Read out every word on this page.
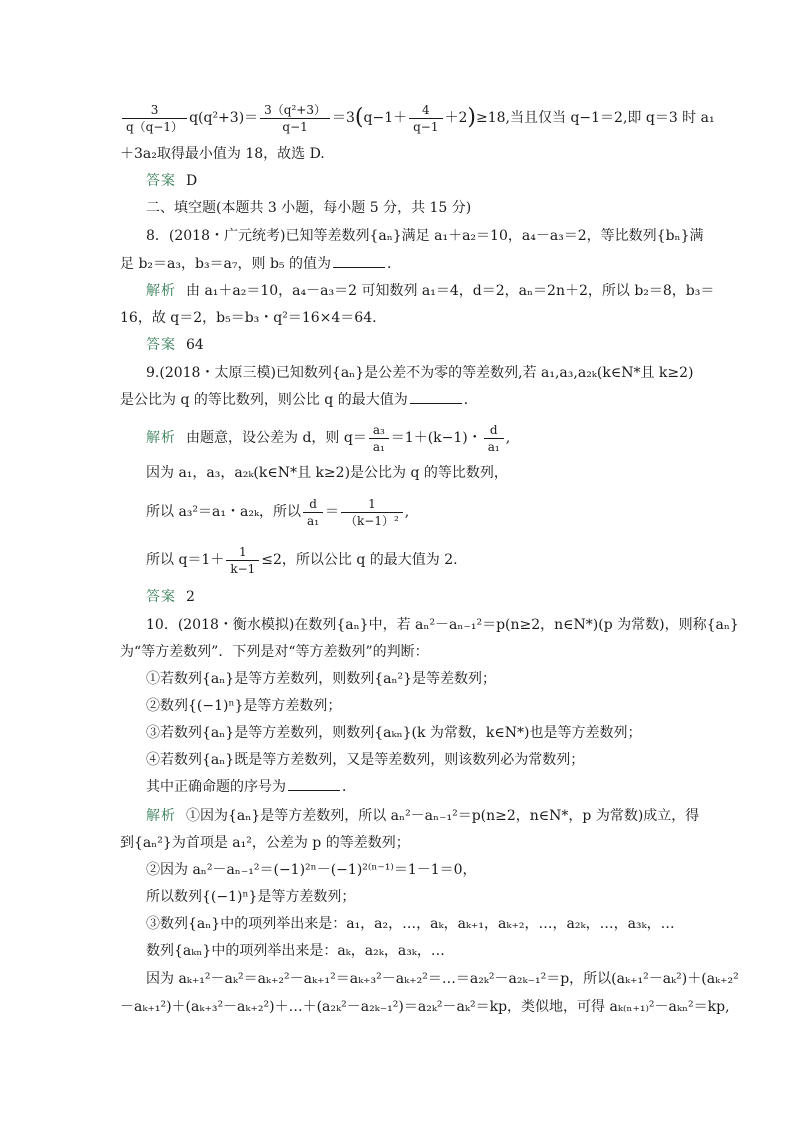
$\frac{3}{q(q-1)} q(q^2+3)= \frac{\text{3（q²+3）}}{q-1} =3(q-1+ \frac{4}{q-1} +2)\ge 18$,当且仅当 q−1＝2,即 q＝3 时 a₁
＋3a₂取得最小值为 18，故选 D.
答案 D
二、填空题(本题共 3 小题，每小题 5 分，共 15 分)
8．(2018・广元统考)已知等差数列{aₙ}满足 a₁＋a₂＝10，a₄－a₃＝2，等比数列{bₙ}满
足 b₂＝a₃，b₃＝a₇，则 b₅ 的值为	．
解析 由 a₁＋a₂＝10，a₄－a₃＝2 可知数列 a₁＝4，d＝2，aₙ＝2n＋2，所以 b₂＝8，b₃＝
16，故 q＝2，b₅＝b₃・q²＝16×4＝64.
答案 64
9.(2018・太原三模)已知数列{aₙ}是公差不为零的等差数列,若 a₁,a₃,a₂ₖ(k∈N*且 k≥2)
是公比为 q 的等比数列，则公比 q 的最大值为	．
解析 由题意，设公差为 d，则 $q= \frac{\text{a₃}}{\text{a₁}} =1+(k-1)$・ $\frac{d}{\text{a₁}}$ ,
因为 a₁，a₃，a₂ₖ(k∈N*且 k≥2)是公比为 q 的等比数列，
所以 a₃²＝a₁・a₂ₖ，所以 $\frac{d}{\text{a₁}} = \frac{1}{\text{（k−1）²}}$ ,
所以 $q=1+ \frac{1}{k-1} \le 2$，所以公比 q 的最大值为 2.
答案 2
10．(2018・衡水模拟)在数列{aₙ}中，若 aₙ²－aₙ₋₁²＝p(n≥2，n∈N*)(p 为常数)，则称{aₙ}
为“等方差数列”．下列是对“等方差数列”的判断：
①若数列{aₙ}是等方差数列，则数列{aₙ²}是等差数列；
②数列{(−1)ⁿ}是等方差数列；
③若数列{aₙ}是等方差数列，则数列{aₖₙ}(k 为常数，k∈N*)也是等方差数列；
④若数列{aₙ}既是等方差数列，又是等差数列，则该数列必为常数列；
其中正确命题的序号为	．
解析 ①因为{aₙ}是等方差数列，所以 aₙ²－aₙ₋₁²＝p(n≥2，n∈N*，p 为常数)成立，得
到{aₙ²}为首项是 a₁²，公差为 p 的等差数列；
②因为 aₙ²－aₙ₋₁²＝(−1)²ⁿ－(−1)²⁽ⁿ⁻¹⁾＝1－1＝0，
所以数列{(−1)ⁿ}是等方差数列；
③数列{aₙ}中的项列举出来是：a₁，a₂，…，aₖ，aₖ₊₁，aₖ₊₂，…，a₂ₖ，…，a₃ₖ，…
数列{aₖₙ}中的项列举出来是：aₖ，a₂ₖ，a₃ₖ，…
因为 aₖ₊₁²－aₖ²＝aₖ₊₂²－aₖ₊₁²＝aₖ₊₃²－aₖ₊₂²＝…＝a₂ₖ²－a₂ₖ₋₁²＝p，所以(aₖ₊₁²－aₖ²)＋(aₖ₊₂²
－aₖ₊₁²)＋(aₖ₊₃²－aₖ₊₂²)＋…＋(a₂ₖ²－a₂ₖ₋₁²)＝a₂ₖ²－aₖ²＝kp，类似地，可得 aₖ₍ₙ₊₁₎²－aₖₙ²＝kp,
